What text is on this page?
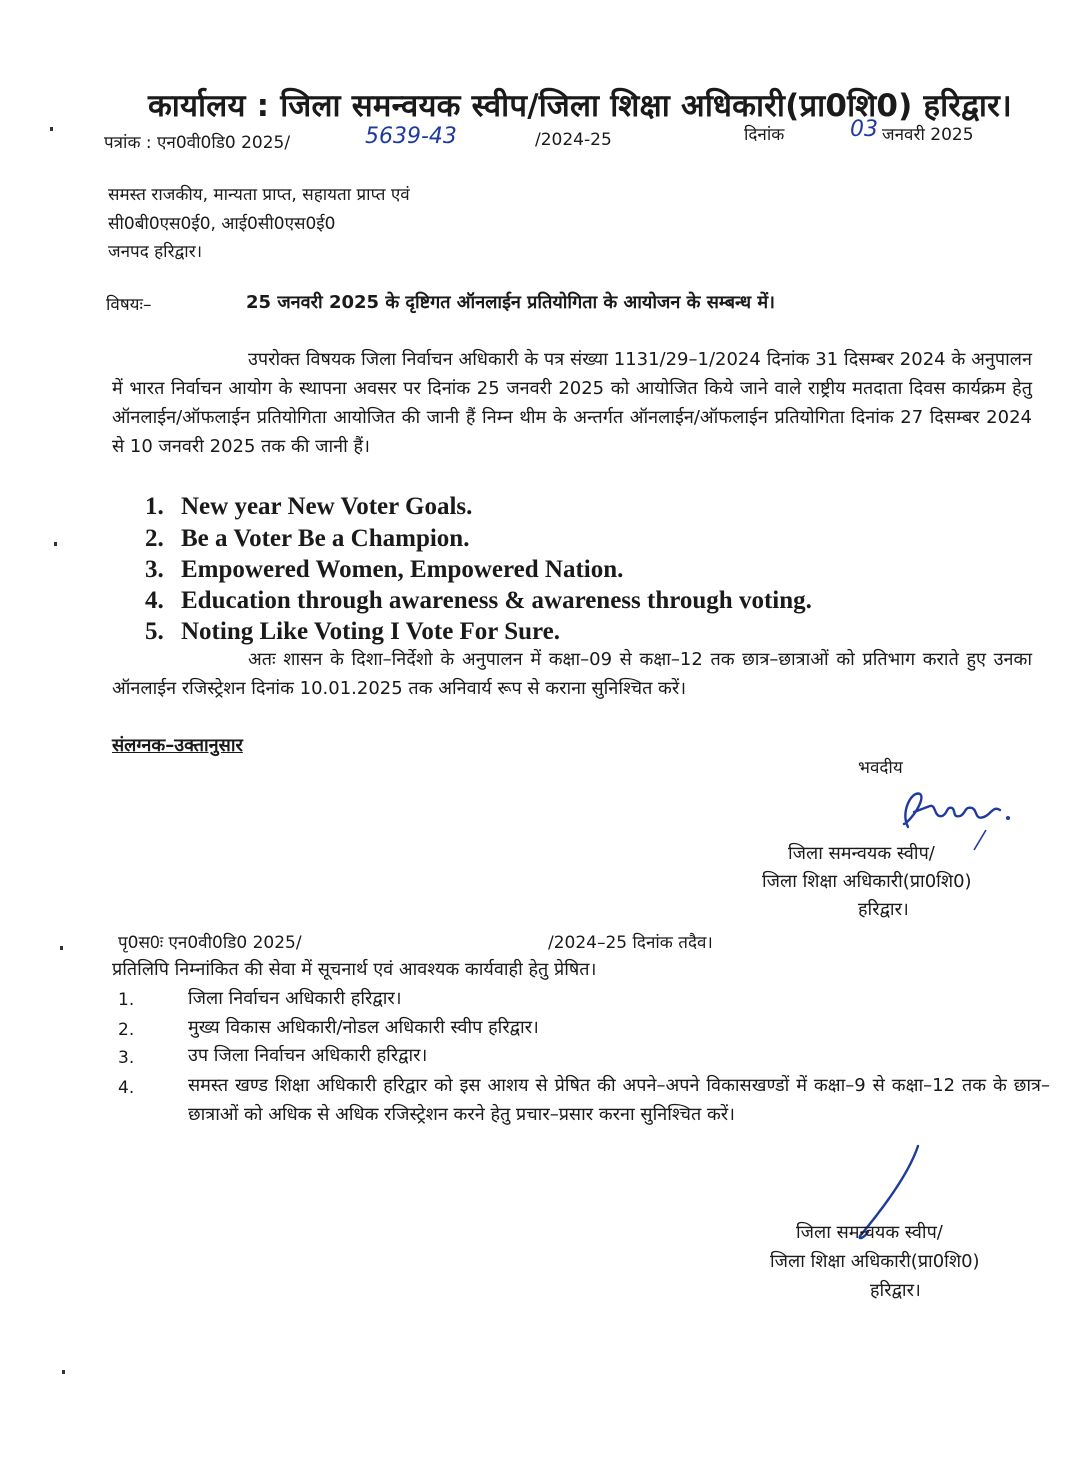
कार्यालय : जिला समन्वयक स्वीप/जिला शिक्षा अधिकारी(प्रा0शि0) हरिद्वार।
पत्रांक : एन0वी0डि0 2025/	5639-43	/2024-25	दिनांक	03 जनवरी 2025
समस्त राजकीय, मान्यता प्राप्त, सहायता प्राप्त एवं
सी0बी0एस0ई0, आई0सी0एस0ई0
जनपद हरिद्वार।
विषयः–	25 जनवरी 2025 के दृष्टिगत ऑनलाईन प्रतियोगिता के आयोजन के सम्बन्ध में।
उपरोक्त विषयक जिला निर्वाचन अधिकारी के पत्र संख्या 1131/29–1/2024 दिनांक 31 दिसम्बर 2024 के अनुपालन में भारत निर्वाचन आयोग के स्थापना अवसर पर दिनांक 25 जनवरी 2025 को आयोजित किये जाने वाले राष्ट्रीय मतदाता दिवस कार्यक्रम हेतु ऑनलाईन/ऑफलाईन प्रतियोगिता आयोजित की जानी हैं निम्न थीम के अन्तर्गत ऑनलाईन/ऑफलाईन प्रतियोगिता दिनांक 27 दिसम्बर 2024 से 10 जनवरी 2025 तक की जानी हैं।
1. New year New Voter Goals.
2. Be a Voter Be a Champion.
3. Empowered Women, Empowered Nation.
4. Education through awareness & awareness through voting.
5. Noting Like Voting I Vote For Sure.
अतः शासन के दिशा–निर्देशो के अनुपालन में कक्षा–09 से कक्षा–12 तक छात्र–छात्राओं को प्रतिभाग कराते हुए उनका ऑनलाईन रजिस्ट्रेशन दिनांक 10.01.2025 तक अनिवार्य रूप से कराना सुनिश्चित करें।
संलग्नक–उक्तानुसार
भवदीय
जिला समन्वयक स्वीप/
जिला शिक्षा अधिकारी(प्रा0शि0)
हरिद्वार।
पृ0स0ः एन0वी0डि0 2025/	/2024–25 दिनांक तदैव।
प्रतिलिपि निम्नांकित की सेवा में सूचनार्थ एवं आवश्यक कार्यवाही हेतु प्रेषित।
1.	जिला निर्वाचन अधिकारी हरिद्वार।
2.	मुख्य विकास अधिकारी/नोडल अधिकारी स्वीप हरिद्वार।
3.	उप जिला निर्वाचन अधिकारी हरिद्वार।
4.	समस्त खण्ड शिक्षा अधिकारी हरिद्वार को इस आशय से प्रेषित की अपने–अपने विकासखण्डों में कक्षा–9 से कक्षा–12 तक के छात्र–छात्राओं को अधिक से अधिक रजिस्ट्रेशन करने हेतु प्रचार–प्रसार करना सुनिश्चित करें।
जिला समन्वयक स्वीप/
जिला शिक्षा अधिकारी(प्रा0शि0)
हरिद्वार।
